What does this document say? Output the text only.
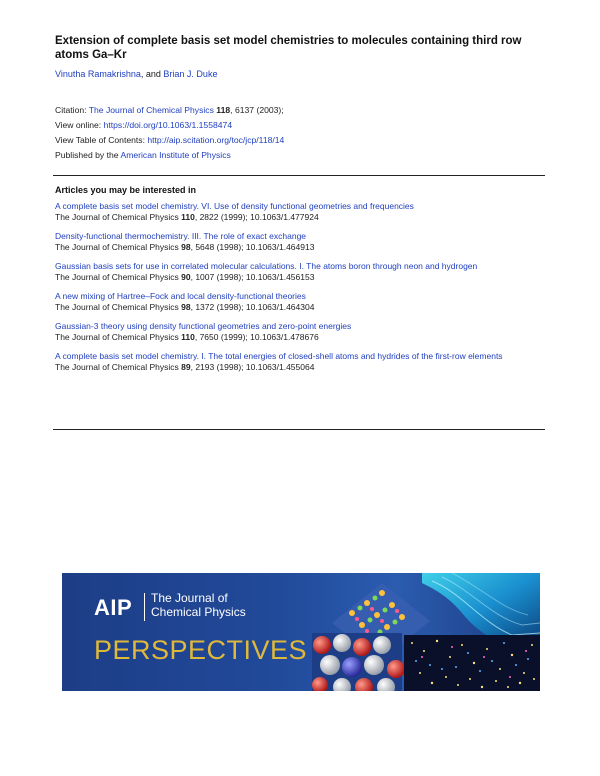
Extension of complete basis set model chemistries to molecules containing third row atoms Ga–Kr
Vinutha Ramakrishna, and Brian J. Duke
Citation: The Journal of Chemical Physics 118, 6137 (2003);
View online: https://doi.org/10.1063/1.1558474
View Table of Contents: http://aip.scitation.org/toc/jcp/118/14
Published by the American Institute of Physics
Articles you may be interested in
A complete basis set model chemistry. VI. Use of density functional geometries and frequencies
The Journal of Chemical Physics 110, 2822 (1999); 10.1063/1.477924
Density-functional thermochemistry. III. The role of exact exchange
The Journal of Chemical Physics 98, 5648 (1998); 10.1063/1.464913
Gaussian basis sets for use in correlated molecular calculations. I. The atoms boron through neon and hydrogen
The Journal of Chemical Physics 90, 1007 (1998); 10.1063/1.456153
A new mixing of Hartree–Fock and local density-functional theories
The Journal of Chemical Physics 98, 1372 (1998); 10.1063/1.464304
Gaussian-3 theory using density functional geometries and zero-point energies
The Journal of Chemical Physics 110, 7650 (1999); 10.1063/1.478676
A complete basis set model chemistry. I. The total energies of closed-shell atoms and hydrides of the first-row elements
The Journal of Chemical Physics 89, 2193 (1998); 10.1063/1.455064
AIP The Journal of
Chemical Physics
PERSPECTIVES
